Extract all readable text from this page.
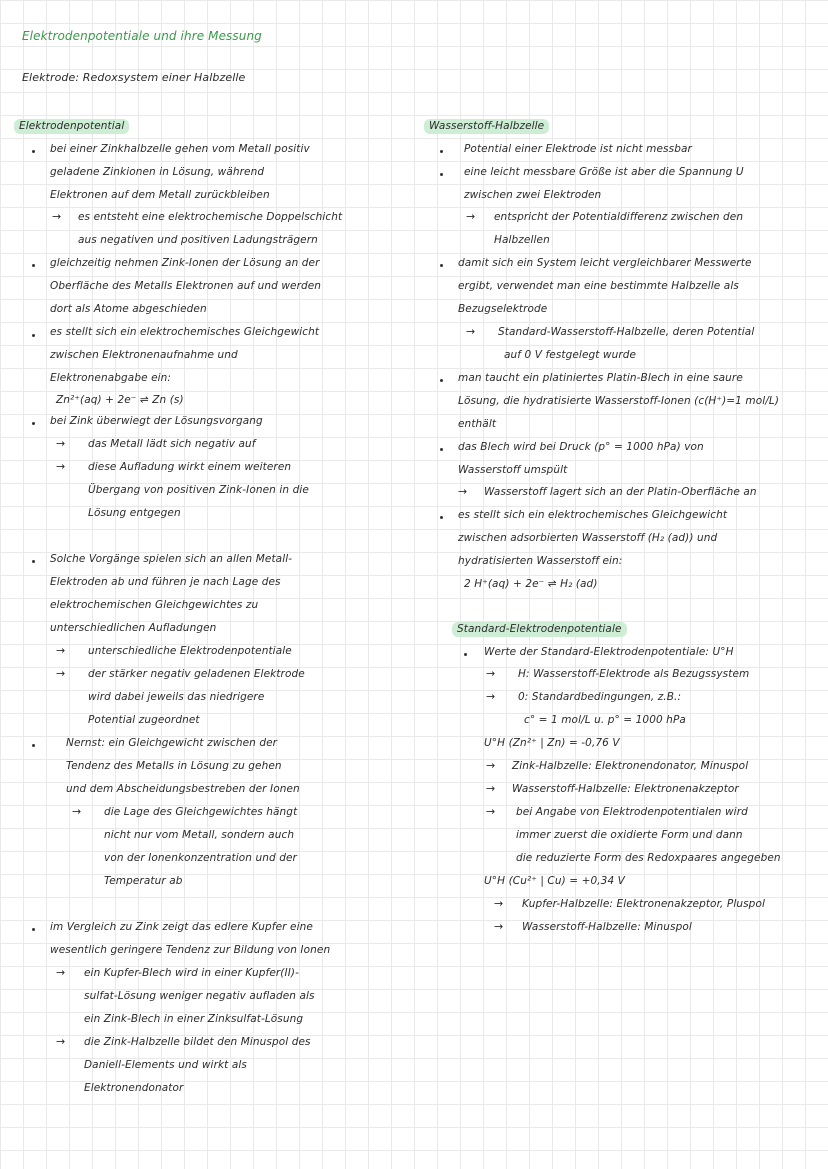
Elektrodenpotentiale und ihre Messung

Elektrode: Redoxsystem einer Halbzelle

Elektrodenpotential

bei einer Zinkhalbzelle gehen vom Metall positiv

geladene Zinkionen in Lösung, während

Elektronen auf dem Metall zurückbleiben

→ es entsteht eine elektrochemische Doppelschicht

aus negativen und positiven Ladungsträgern

gleichzeitig nehmen Zink-Ionen der Lösung an der

Oberfläche des Metalls Elektronen auf und werden

dort als Atome abgeschieden

es stellt sich ein elektrochemisches Gleichgewicht

zwischen Elektronenaufnahme und

Elektronenabgabe ein:

Zn²⁺(aq) + 2e⁻ ⇌ Zn (s)

bei Zink überwiegt der Lösungsvorgang

→ das Metall lädt sich negativ auf

→ diese Aufladung wirkt einem weiteren

Übergang von positiven Zink-Ionen in die

Lösung entgegen

Solche Vorgänge spielen sich an allen Metall-

Elektroden ab und führen je nach Lage des

elektrochemischen Gleichgewichtes zu

unterschiedlichen Aufladungen

→ unterschiedliche Elektrodenpotentiale

→ der stärker negativ geladenen Elektrode

wird dabei jeweils das niedrigere

Potential zugeordnet

Nernst: ein Gleichgewicht zwischen der

Tendenz des Metalls in Lösung zu gehen

und dem Abscheidungsbestreben der Ionen

→ die Lage des Gleichgewichtes hängt

nicht nur vom Metall, sondern auch

von der Ionenkonzentration und der

Temperatur ab

im Vergleich zu Zink zeigt das edlere Kupfer eine

wesentlich geringere Tendenz zur Bildung von Ionen

→ ein Kupfer-Blech wird in einer Kupfer(II)-

sulfat-Lösung weniger negativ aufladen als

ein Zink-Blech in einer Zinksulfat-Lösung

→ die Zink-Halbzelle bildet den Minuspol des

Daniell-Elements und wirkt als

Elektronendonator

Wasserstoff-Halbzelle

Potential einer Elektrode ist nicht messbar

eine leicht messbare Größe ist aber die Spannung U

zwischen zwei Elektroden

→ entspricht der Potentialdifferenz zwischen den

Halbzellen

damit sich ein System leicht vergleichbarer Messwerte

ergibt, verwendet man eine bestimmte Halbzelle als

Bezugselektrode

→ Standard-Wasserstoff-Halbzelle, deren Potential

auf 0 V festgelegt wurde

man taucht ein platiniertes Platin-Blech in eine saure

Lösung, die hydratisierte Wasserstoff-Ionen (c(H⁺)=1 mol/L)

enthält

das Blech wird bei Druck (p° = 1000 hPa) von

Wasserstoff umspült

→ Wasserstoff lagert sich an der Platin-Oberfläche an

es stellt sich ein elektrochemisches Gleichgewicht

zwischen adsorbierten Wasserstoff (H₂ (ad)) und

hydratisierten Wasserstoff ein:

2 H⁺(aq) + 2e⁻ ⇌ H₂ (ad)

Standard-Elektrodenpotentiale

Werte der Standard-Elektrodenpotentiale: U°H

→ H: Wasserstoff-Elektrode als Bezugssystem

→ 0: Standardbedingungen, z.B.:

c° = 1 mol/L u. p° = 1000 hPa

U°H (Zn²⁺ | Zn) = -0,76 V

→ Zink-Halbzelle: Elektronendonator, Minuspol

→ Wasserstoff-Halbzelle: Elektronenakzeptor

→ bei Angabe von Elektrodenpotentialen wird

immer zuerst die oxidierte Form und dann

die reduzierte Form des Redoxpaares angegeben

U°H (Cu²⁺ | Cu) = +0,34 V

→ Kupfer-Halbzelle: Elektronenakzeptor, Pluspol

→ Wasserstoff-Halbzelle: Minuspol
